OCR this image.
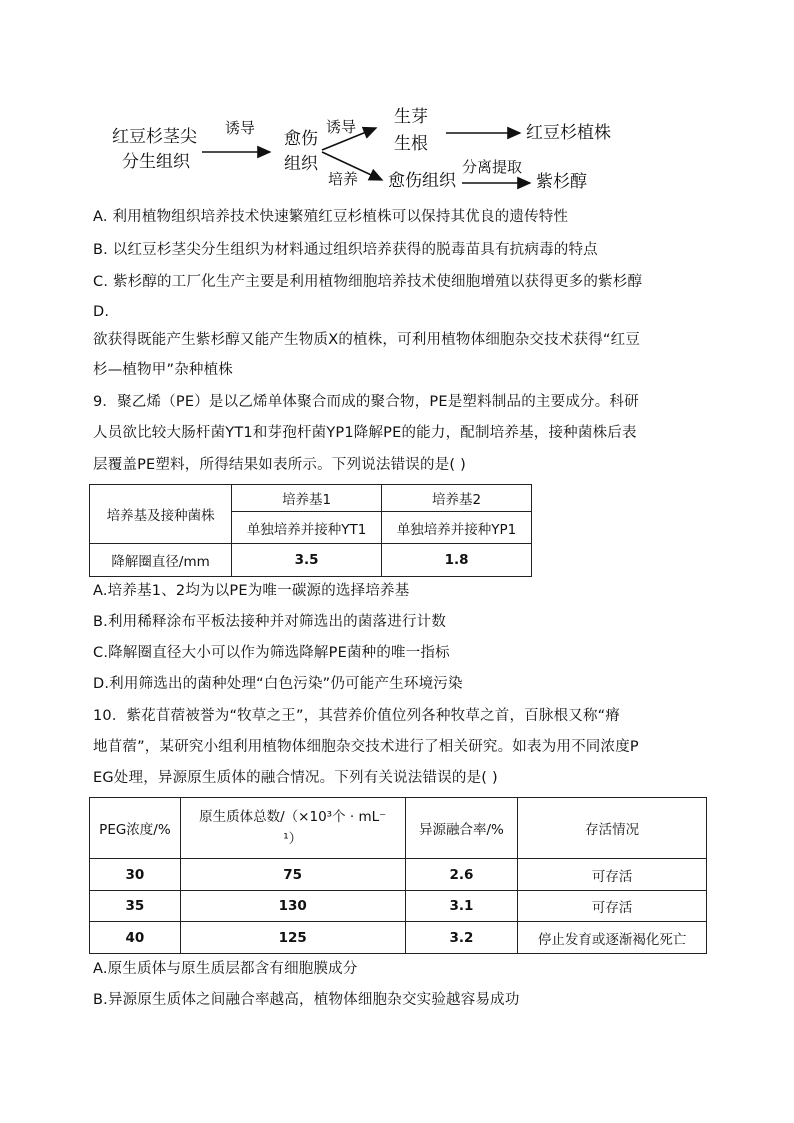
红豆杉茎尖
分生组织
诱导
愈伤
组织
诱导
培养
生芽
生根
红豆杉植株
愈伤组织
分离提取
紫杉醇
A. 利用植物组织培养技术快速繁殖红豆杉植株可以保持其优良的遗传特性
B. 以红豆杉茎尖分生组织为材料通过组织培养获得的脱毒苗具有抗病毒的特点
C. 紫杉醇的工厂化生产主要是利用植物细胞培养技术使细胞增殖以获得更多的紫杉醇
D.
欲获得既能产生紫杉醇又能产生物质X的植株，可利用植物体细胞杂交技术获得“红豆
杉—植物甲”杂种植株
9．聚乙烯（PE）是以乙烯单体聚合而成的聚合物，PE是塑料制品的主要成分。科研
人员欲比较大肠杆菌YT1和芽孢杆菌YP1降解PE的能力，配制培养基，接种菌株后表
层覆盖PE塑料，所得结果如表所示。下列说法错误的是( )
培养基及接种菌株	培养基1	培养基2
	单独培养并接种YT1	单独培养并接种YP1
降解圈直径/mm	3.5	1.8
A.培养基1、2均为以PE为唯一碳源的选择培养基
B.利用稀释涂布平板法接种并对筛选出的菌落进行计数
C.降解圈直径大小可以作为筛选降解PE菌种的唯一指标
D.利用筛选出的菌种处理“白色污染”仍可能产生环境污染
10．紫花苜蓿被誉为“牧草之王”，其营养价值位列各种牧草之首，百脉根又称“瘠
地苜蓿”，某研究小组利用植物体细胞杂交技术进行了相关研究。如表为用不同浓度P
EG处理，异源原生质体的融合情况。下列有关说法错误的是( )
PEG浓度/%	原生质体总数/（×10³个 · mL⁻
¹）	异源融合率/%	存活情况
30	75	2.6	可存活
35	130	3.1	可存活
40	125	3.2	停止发育或逐渐褐化死亡
A.原生质体与原生质层都含有细胞膜成分
B.异源原生质体之间融合率越高，植物体细胞杂交实验越容易成功
